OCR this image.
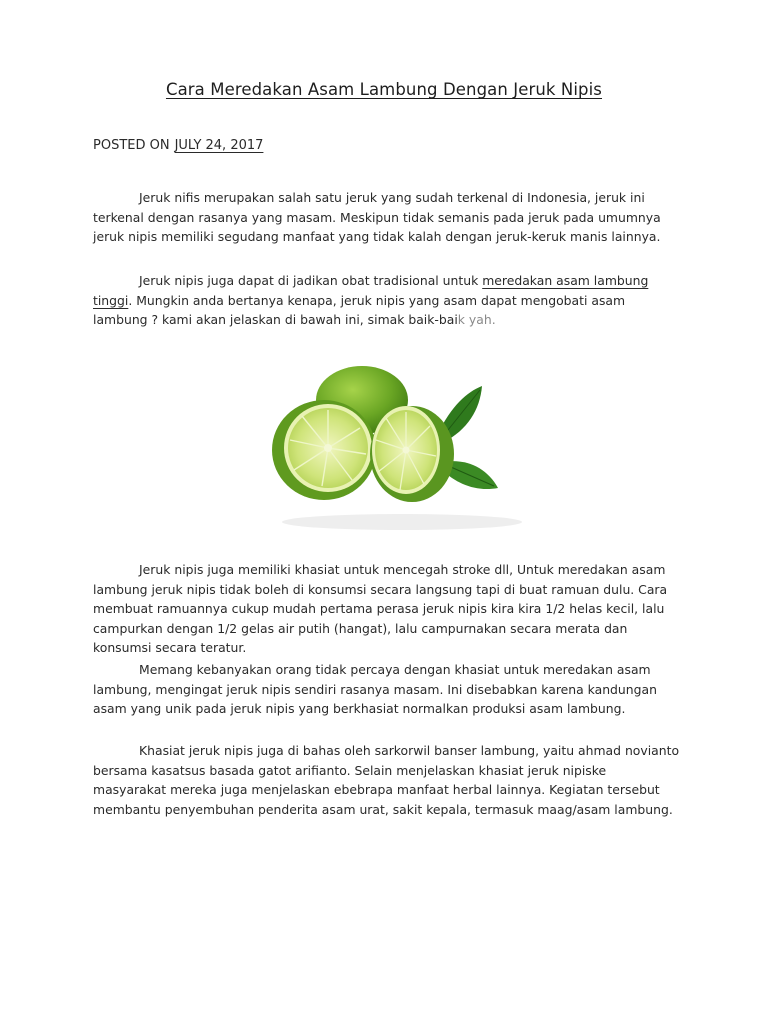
Cara Meredakan Asam Lambung Dengan Jeruk Nipis
POSTED ON JULY 24, 2017
Jeruk nifis merupakan salah satu jeruk yang sudah terkenal di Indonesia, jeruk ini terkenal dengan rasanya yang masam. Meskipun tidak semanis pada jeruk pada umumnya jeruk nipis memiliki segudang manfaat yang tidak kalah dengan jeruk-keruk manis lainnya.
Jeruk nipis juga dapat di jadikan obat tradisional untuk meredakan asam lambung tinggi. Mungkin anda bertanya kenapa, jeruk nipis yang asam dapat mengobati asam lambung ? kami akan jelaskan di bawah ini, simak baik-baik yah.
Jeruk nipis juga memiliki khasiat untuk mencegah stroke dll, Untuk meredakan asam lambung jeruk nipis tidak boleh di konsumsi secara langsung tapi di buat ramuan dulu. Cara membuat ramuannya cukup mudah pertama perasa jeruk nipis kira kira 1/2 helas kecil, lalu campurkan dengan 1/2 gelas air putih (hangat), lalu campurnakan secara merata dan konsumsi secara teratur.
Memang kebanyakan orang tidak percaya dengan khasiat untuk meredakan asam lambung, mengingat jeruk nipis sendiri rasanya masam. Ini disebabkan karena kandungan asam yang unik pada jeruk nipis yang berkhasiat normalkan produksi asam lambung.
Khasiat jeruk nipis juga di bahas oleh sarkorwil banser lambung, yaitu ahmad novianto bersama kasatsus basada gatot arifianto. Selain menjelaskan khasiat jeruk nipiske masyarakat mereka juga menjelaskan ebebrapa manfaat herbal lainnya. Kegiatan tersebut membantu penyembuhan penderita asam urat, sakit kepala, termasuk maag/asam lambung.
